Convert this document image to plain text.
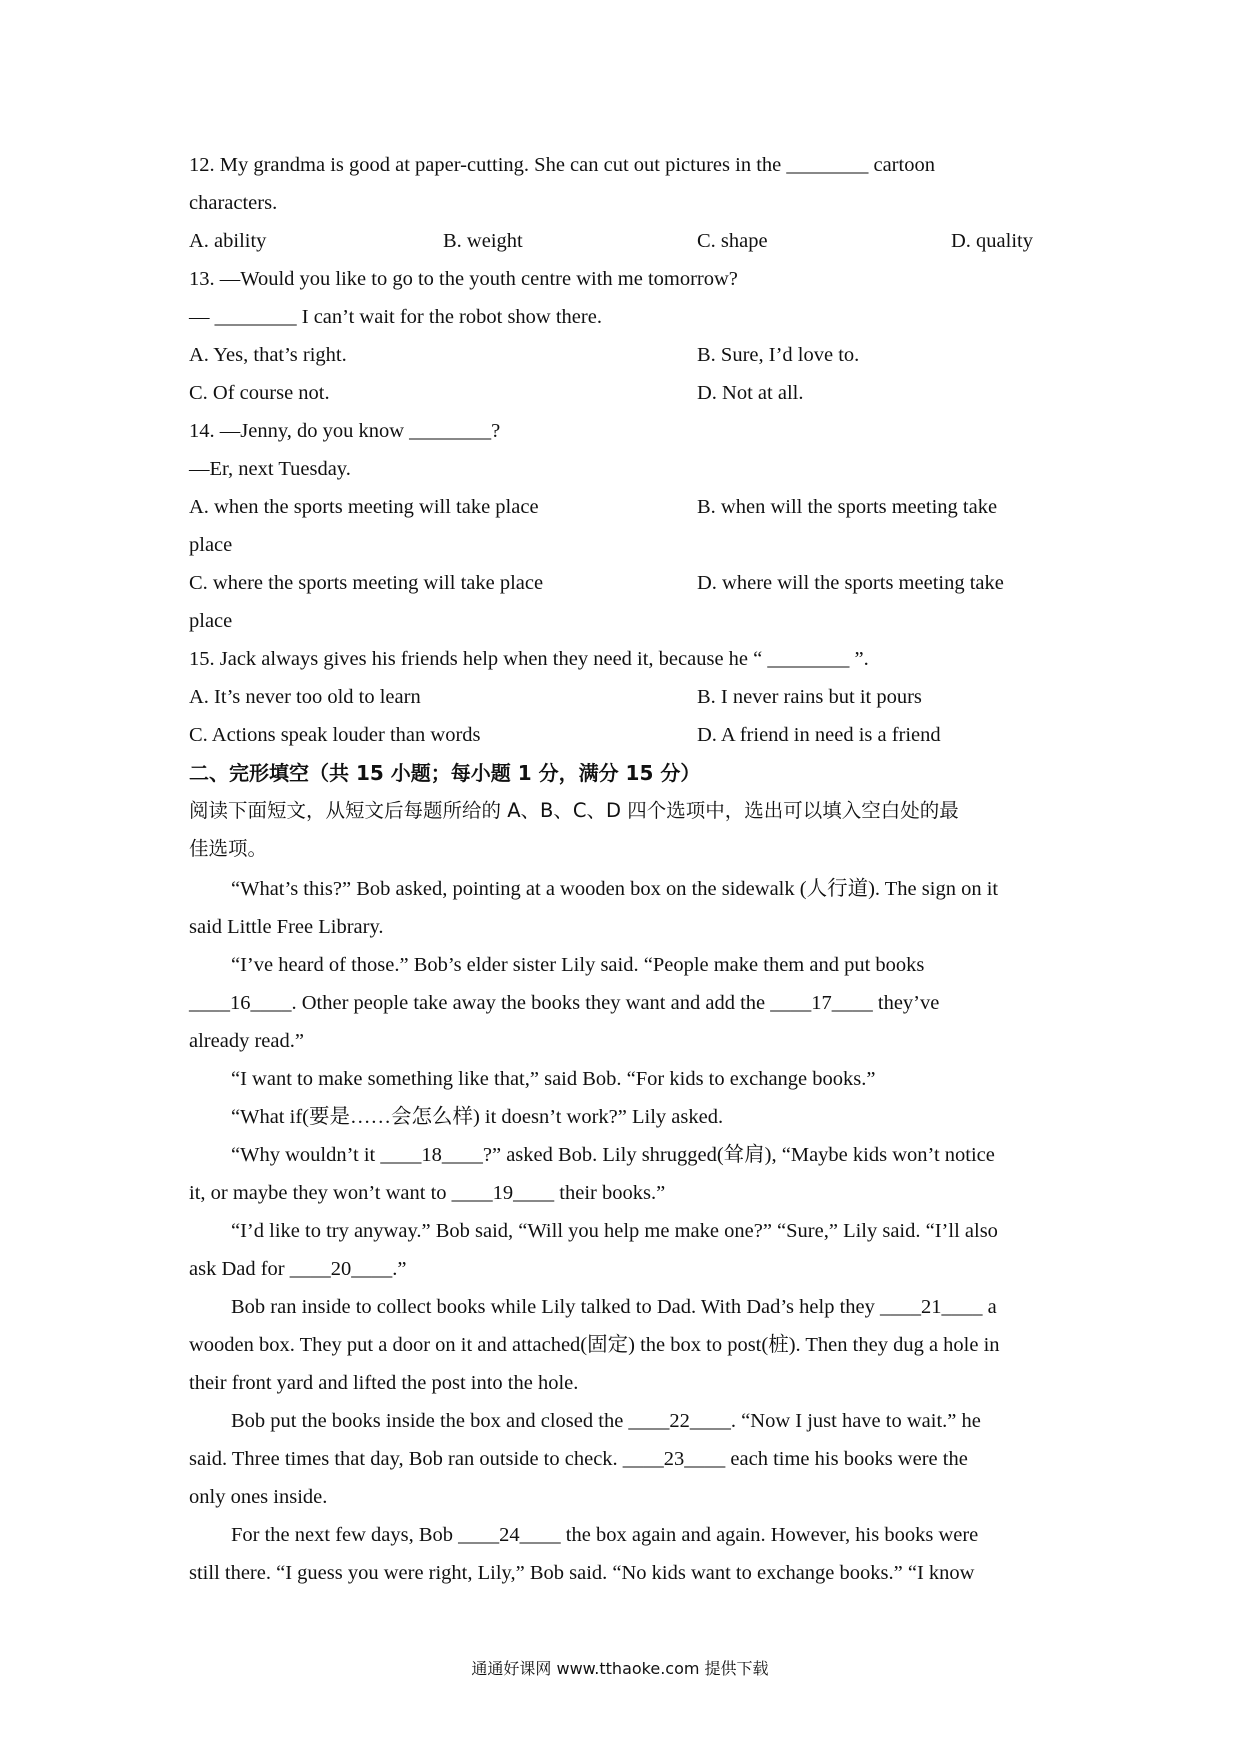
12. My grandma is good at paper-cutting. She can cut out pictures in the ________ cartoon
characters.
A. ability	B. weight	C. shape	D. quality
13. —Would you like to go to the youth centre with me tomorrow?
— ________ I can’t wait for the robot show there.
A. Yes, that’s right.	B. Sure, I’d love to.
C. Of course not.	D. Not at all.
14. —Jenny, do you know ________?
—Er, next Tuesday.
A. when the sports meeting will take place	B. when will the sports meeting take
place
C. where the sports meeting will take place	D. where will the sports meeting take
place
15. Jack always gives his friends help when they need it, because he “ ________ ”.
A. It’s never too old to learn	B. I never rains but it pours
C. Actions speak louder than words	D. A friend in need is a friend
二、完形填空（共 15 小题；每小题 1 分，满分 15 分）
阅读下面短文，从短文后每题所给的 A、B、C、D 四个选项中，选出可以填入空白处的最
佳选项。
“What’s this?” Bob asked, pointing at a wooden box on the sidewalk (人行道). The sign on it
said Little Free Library.
“I’ve heard of those.” Bob’s elder sister Lily said. “People make them and put books
____16____. Other people take away the books they want and add the ____17____ they’ve
already read.”
“I want to make something like that,” said Bob. “For kids to exchange books.”
“What if(要是……会怎么样) it doesn’t work?” Lily asked.
“Why wouldn’t it ____18____?” asked Bob. Lily shrugged(耸肩), “Maybe kids won’t notice
it, or maybe they won’t want to ____19____ their books.”
“I’d like to try anyway.” Bob said, “Will you help me make one?” “Sure,” Lily said. “I’ll also
ask Dad for ____20____.”
Bob ran inside to collect books while Lily talked to Dad. With Dad’s help they ____21____ a
wooden box. They put a door on it and attached(固定) the box to post(桩). Then they dug a hole in
their front yard and lifted the post into the hole.
Bob put the books inside the box and closed the ____22____. “Now I just have to wait.” he
said. Three times that day, Bob ran outside to check. ____23____ each time his books were the
only ones inside.
For the next few days, Bob ____24____ the box again and again. However, his books were
still there. “I guess you were right, Lily,” Bob said. “No kids want to exchange books.” “I know
通通好课网 www.tthaoke.com 提供下载
